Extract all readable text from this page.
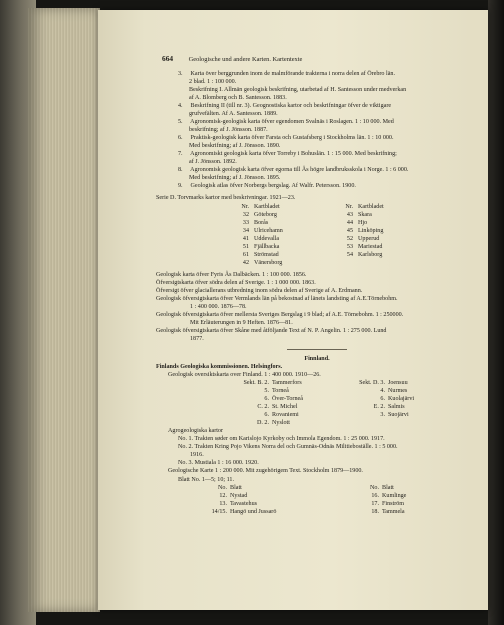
664 Geologische und andere Karten. Kartentexte
3. Karta över berggrunden inom de malmförande trakterna i norra delen af Örebro län.
2 blad. 1 : 100 000.
Beskrifning I. Allmän geologisk beskrifning, utarbetad af H. Santesson under medverkan
af A. Blomberg och B. Santesson. 1883.
4. Beskrifning II (till nr. 3). Geognostiska kartor och beskrifningar öfver de viktigare
grufvefälten. Af A. Santesson. 1889.
5. Agronomisk-geologisk karta öfver egendomen Svalnäs i Roslagen. 1 : 10 000. Med
beskrifning; af J. Jönsson. 1887.
6. Praktisk-geologisk karta öfver Farsta och Gustafsberg i Stockholms län. 1 : 10 000.
Med beskrifning; af J. Jönsson. 1890.
7. Agronomiskt geologisk karta öfver Torreby i Bohuslän. 1 : 15 000. Med beskrifning;
af J. Jönsson. 1892.
8. Agronomisk geologisk karta öfver egorna till Ås högre landbruksskola i Norge. 1 : 6 000.
Med beskrifning; af J. Jönsson. 1895.
9. Geologisk atlas öfver Norbergs bergslag. Af Walfr. Petersson. 1900.
Serie D. Torvmarks kartor med beskrivningar. 1921—23.
Nr. Kartbladet	Nr. Kartbladet
32 Göteborg	43 Skara
33 Borås	44 Hjo
34 Ulricehamn	45 Linköping
41 Uddevalla	52 Upperud
51 Fjällbacka	53 Mariestad
61 Strömstad	54 Karlsborg
42 Vänersborg
Geologisk karta öfver Fyris Ås Dalbäcken. 1 : 100 000. 1856.
Öfversigtskarta öfver södra delen af Sverige. 1 : 1 000 000. 1863.
Öfversigt öfver glaciallerans utbredning inom södra delen af Sverige af A. Erdmann.
Geologisk öfversigtskarta öfver Vermlands län på bekostnad af länets landsting af A.E.Törnebohm.
1 : 400 000. 1876—78.
Geologisk öfversigtskarta öfver mellersta Sveriges Bergslag i 9 blad; af A.E. Törnebohm. 1 : 250000.
Mit Erläuterungen in 9 Heften. 1876—81.
Geologisk öfversigtskarta öfver Skåne med åtföljande Text af N. P. Angelin. 1 : 275 000. Lund
1877.
Finnland.
Finlands Geologiska kommissionen. Helsingfors.
Geologisk oversiktskarta over Finland. 1 : 400 000. 1910—26.
Sekt. B. 2. Tammerfors	Sekt. D. 3. Joensuu
5. Torneå	4. Nurmes
6. Över-Torneå	6. Kuolajärvi
C. 2. St. Michel	E. 2. Salmis
6. Rovaniemi	3. Suojärvi
D. 2. Nyslott
Agrogeologiska kartor
No. 1. Trakten søder om Karislojo Kyrkoby och Immola Egendom. 1 : 25 000. 1917.
No. 2. Trakten Kring Pojo Vikens Norra del och Gumnäs-Odnäs Militieboställe. 1 : 5 000.
1916.
No. 3. Mustiala 1 : 16 000. 1920.
Geologische Karte 1 : 200 000. Mit zugehörigem Text. Stockholm 1879—1900.
Blatt No. 1—5; 10; 11.
No. Blatt	No. Blatt
12. Nystad	16. Kumlinge
13. Tavastehus	17. Finström
14/15. Hangö und Jussarö	18. Tammela
